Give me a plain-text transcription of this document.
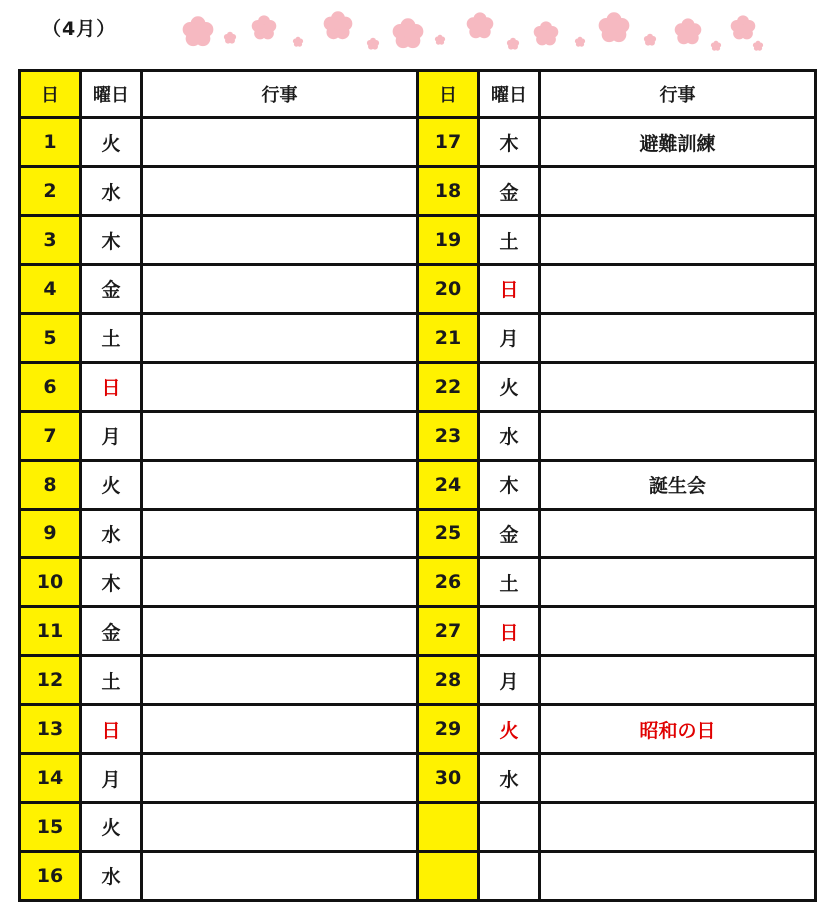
（4月）
日	曜日	行事	日	曜日	行事
1	火		17	木	避難訓練
2	水		18	金	
3	木		19	土	
4	金		20	日	
5	土		21	月	
6	日		22	火	
7	月		23	水	
8	火		24	木	誕生会
9	水		25	金	
10	木		26	土	
11	金		27	日	
12	土		28	月	
13	日		29	火	昭和の日
14	月		30	水	
15	火				
16	水				
